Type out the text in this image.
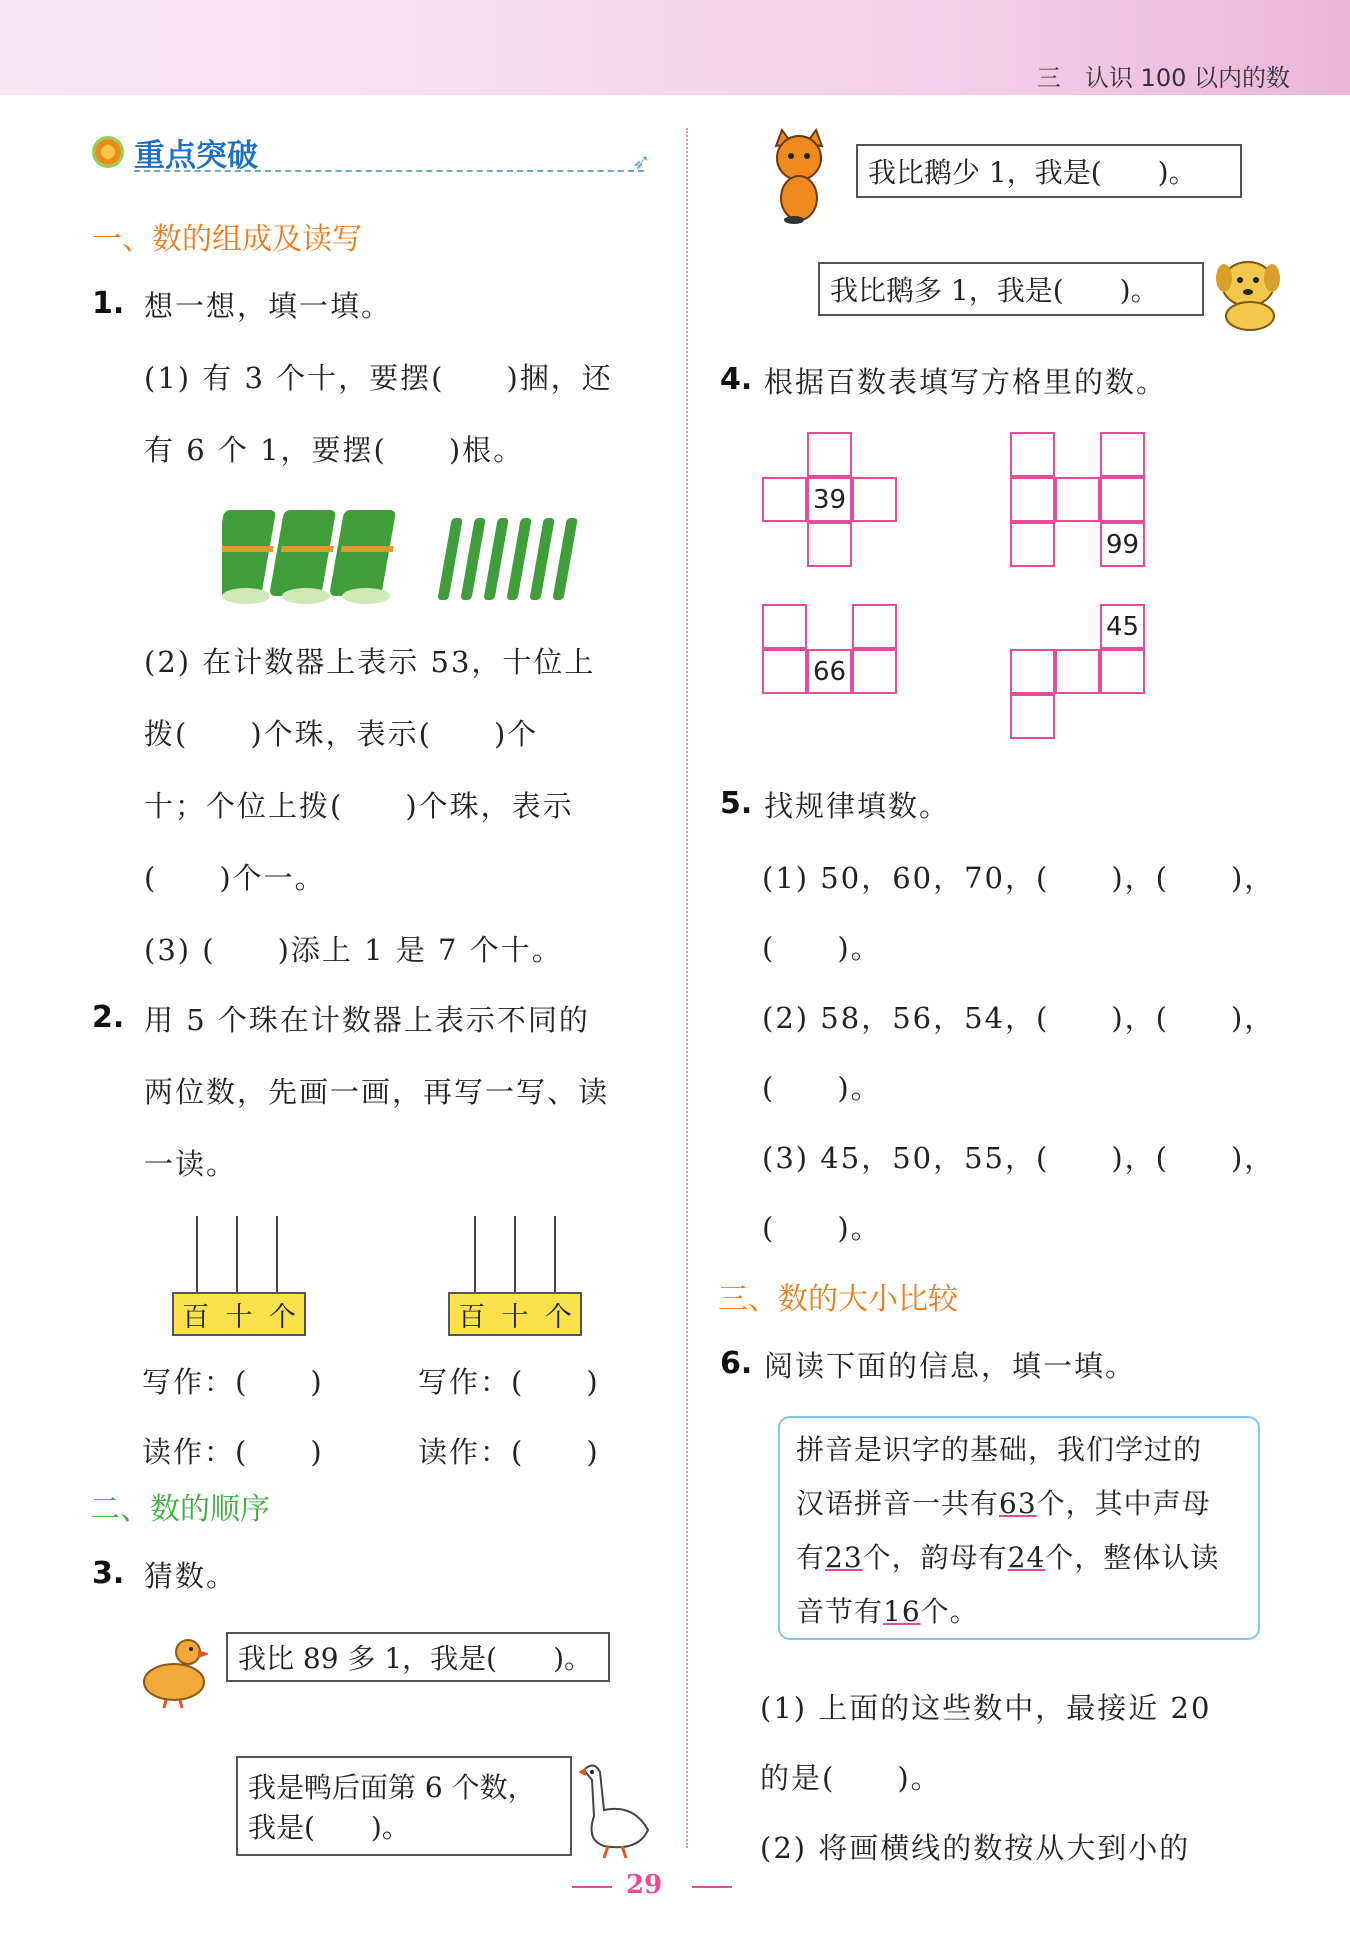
三　认识 100 以内的数
重点突破	➶
一、数的组成及读写
1. 想一想，填一填。
(1) 有 3 个十，要摆(　　)捆，还
有 6 个 1，要摆(　　)根。
(2) 在计数器上表示 53，十位上
拨(　　)个珠，表示(　　)个
十；个位上拨(　　)个珠，表示
(　　)个一。
(3) (　　)添上 1 是 7 个十。
2. 用 5 个珠在计数器上表示不同的
两位数，先画一画，再写一写、读
一读。
百 十 个	百 十 个
写作：(　　)	写作：(　　)
读作：(　　)	读作：(　　)
二、数的顺序
3. 猜数。
我比 89 多 1，我是(　　)。
我是鸭后面第 6 个数，
我是(　　)。
我比鹅少 1，我是(　　)。
我比鹅多 1，我是(　　)。
4. 根据百数表填写方格里的数。
39
99
66
45
5. 找规律填数。
(1) 50，60，70，(　　)，(　　)，
(　　)。
(2) 58，56，54，(　　)，(　　)，
(　　)。
(3) 45，50，55，(　　)，(　　)，
(　　)。
三、数的大小比较
6. 阅读下面的信息，填一填。
拼音是识字的基础，我们学过的
汉语拼音一共有63个，其中声母
有23个，韵母有24个，整体认读
音节有16个。
(1) 上面的这些数中，最接近 20
的是(　　)。
(2) 将画横线的数按从大到小的
29
